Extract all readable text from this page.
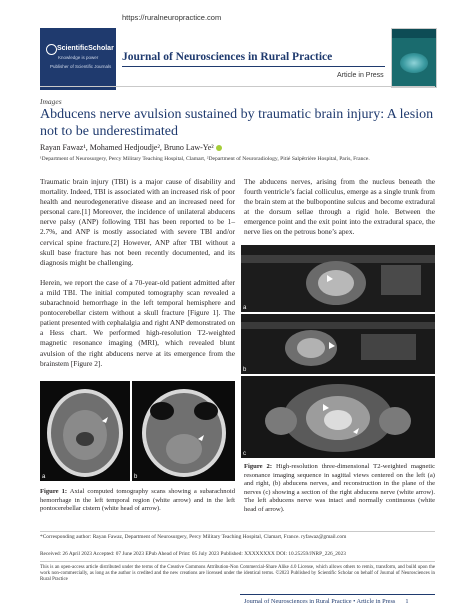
https://ruralneuropractice.com
ScientificScholar
Knowledge is power
Publisher of Scientific Journals
Journal of Neurosciences in Rural Practice
Article in Press
Images
Abducens nerve avulsion sustained by traumatic brain injury: A lesion not to be underestimated
Rayan Fawaz¹, Mohamed Hedjoudje², Bruno Law-Ye²
¹Department of Neurosurgery, Percy Military Teaching Hospital, Clamart, ²Department of Neuroradiology, Pitié Salpêtrière Hospital, Paris, France.

Traumatic brain injury (TBI) is a major cause of disability and mortality. Indeed, TBI is associated with an increased risk of poor health and neurodegenerative disease and an increased need for personal care.[1] Moreover, the incidence of unilateral abducens nerve palsy (ANP) following TBI has been reported to be 1–2.7%, and ANP is mostly associated with severe TBI and/or cervical spine fracture.[2] However, ANP after TBI without a skull base fracture has not been recently documented, and its diagnosis might be challenging.

Herein, we report the case of a 70-year-old patient admitted after a mild TBI. The initial computed tomography scan revealed a subarachnoid hemorrhage in the left temporal hemisphere and pontocerebellar cistern without a skull fracture [Figure 1]. The patient presented with cephalalgia and right ANP demonstrated on a Hess chart. We performed high-resolution T2-weighted magnetic resonance imaging (MRI), which revealed blunt avulsion of the right abducens nerve at its emergence from the brainstem [Figure 2].

a	b

Figure 1: Axial computed tomography scans showing a subarachnoid hemorrhage in the left temporal region (white arrow) and in the left pontocerebellar cistern (white head of arrow).

The abducens nerves, arising from the nucleus beneath the fourth ventricle’s facial colliculus, emerge as a single trunk from the brain stem at the bulbopontine sulcus and become extradural at the dorsum sellae through a rigid hole. Between the emergence point and the exit point into the extradural space, the nerve lies on the petrous bone’s apex.

a
b
c

Figure 2: High-resolution three-dimensional T2-weighted magnetic resonance imaging sequence in sagittal views centered on the left (a) and right, (b) abducens nerves, and reconstruction in the plane of the nerves (c) showing a section of the right abducens nerve (white arrow). The left abducens nerve was intact and normally continuous (white head of arrow).

*Corresponding author: Rayan Fawaz, Department of Neurosurgery, Percy Military Teaching Hospital, Clamart, France. ryfawaz@gmail.com
Received: 26 April 2023 Accepted: 07 June 2023 EPub Ahead of Print: 05 July 2023 Published: XXXXXXXX DOI: 10.25259/JNRP_226_2023
This is an open-access article distributed under the terms of the Creative Commons Attribution-Non Commercial-Share Alike 4.0 License, which allows others to remix, transform, and build upon the work non-commercially, as long as the author is credited and the new creations are licensed under the identical terms. ©2023 Published by Scientific Scholar on behalf of Journal of Neurosciences in Rural Practice
Journal of Neurosciences in Rural Practice • Article in Press 1
